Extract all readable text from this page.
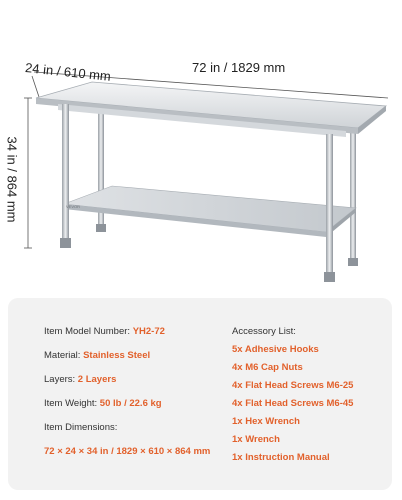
VEVOR
24 in / 610 mm	72 in / 1829 mm
34 in / 864 mm
Item Model Number: YH2-72
Material: Stainless Steel
Layers: 2 Layers
Item Weight: 50 lb / 22.6 kg
Item Dimensions:
72 × 24 × 34 in / 1829 × 610 × 864 mm
Accessory List:
5x Adhesive Hooks
4x M6 Cap Nuts
4x Flat Head Screws M6-25
4x Flat Head Screws M6-45
1x Hex Wrench
1x Wrench
1x Instruction Manual
